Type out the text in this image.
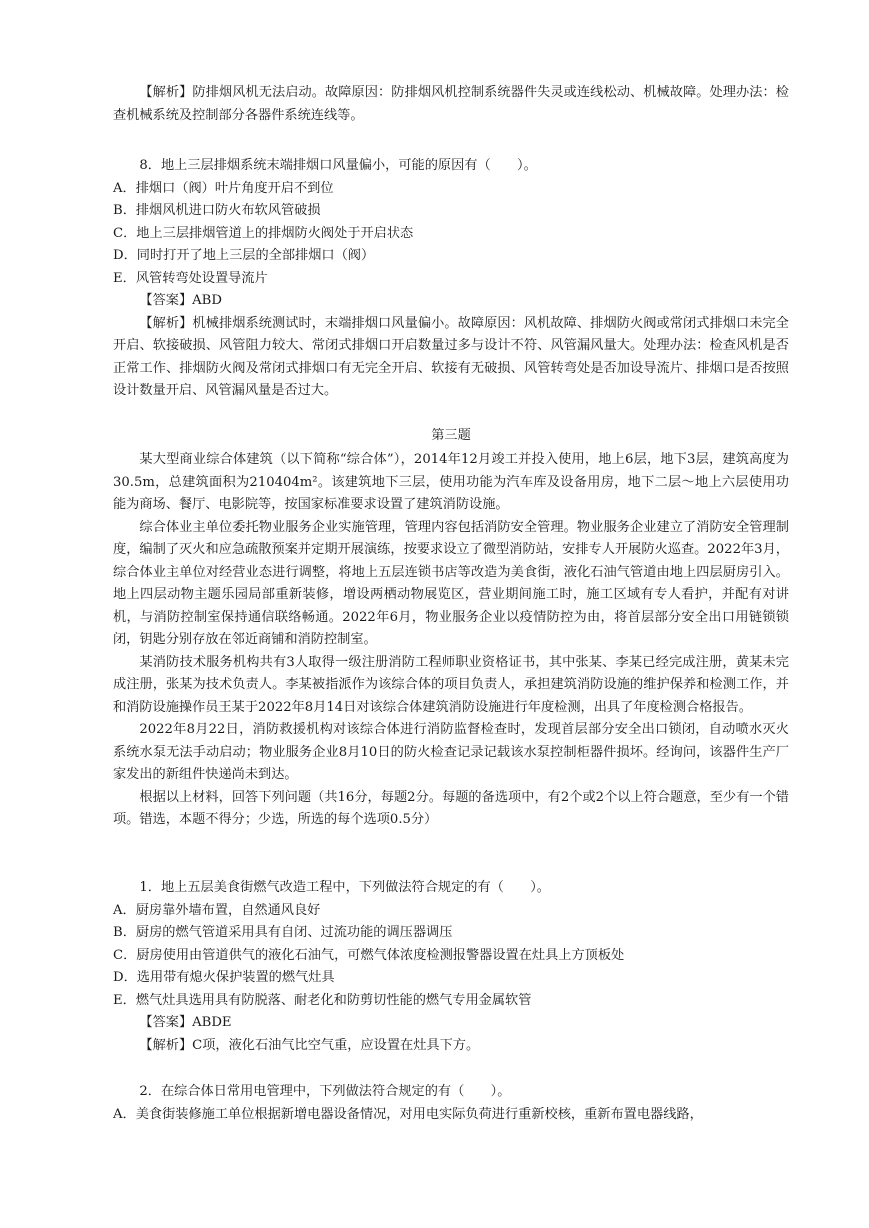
【解析】防排烟风机无法启动。故障原因：防排烟风机控制系统器件失灵或连线松动、机械故障。处理办法：检查机械系统及控制部分各器件系统连线等。

8．地上三层排烟系统末端排烟口风量偏小，可能的原因有（　　）。

A．排烟口（阀）叶片角度开启不到位

B．排烟风机进口防火布软风管破损

C．地上三层排烟管道上的排烟防火阀处于开启状态

D．同时打开了地上三层的全部排烟口（阀）

E．风管转弯处设置导流片

【答案】ABD

【解析】机械排烟系统测试时，末端排烟口风量偏小。故障原因：风机故障、排烟防火阀或常闭式排烟口未完全开启、软接破损、风管阻力较大、常闭式排烟口开启数量过多与设计不符、风管漏风量大。处理办法：检查风机是否正常工作、排烟防火阀及常闭式排烟口有无完全开启、软接有无破损、风管转弯处是否加设导流片、排烟口是否按照设计数量开启、风管漏风量是否过大。

第三题

某大型商业综合体建筑（以下简称“综合体”），2014年12月竣工并投入使用，地上6层，地下3层，建筑高度为30.5m，总建筑面积为210404m²。该建筑地下三层，使用功能为汽车库及设备用房，地下二层～地上六层使用功能为商场、餐厅、电影院等，按国家标准要求设置了建筑消防设施。

综合体业主单位委托物业服务企业实施管理，管理内容包括消防安全管理。物业服务企业建立了消防安全管理制度，编制了灭火和应急疏散预案并定期开展演练，按要求设立了微型消防站，安排专人开展防火巡查。2022年3月，综合体业主单位对经营业态进行调整，将地上五层连锁书店等改造为美食街，液化石油气管道由地上四层厨房引入。地上四层动物主题乐园局部重新装修，增设两栖动物展览区，营业期间施工时，施工区域有专人看护，并配有对讲机，与消防控制室保持通信联络畅通。2022年6月，物业服务企业以疫情防控为由，将首层部分安全出口用链锁锁闭，钥匙分别存放在邻近商铺和消防控制室。

某消防技术服务机构共有3人取得一级注册消防工程师职业资格证书，其中张某、李某已经完成注册，黄某未完成注册，张某为技术负责人。李某被指派作为该综合体的项目负责人，承担建筑消防设施的维护保养和检测工作，并和消防设施操作员王某于2022年8月14日对该综合体建筑消防设施进行年度检测，出具了年度检测合格报告。

2022年8月22日，消防救援机构对该综合体进行消防监督检查时，发现首层部分安全出口锁闭，自动喷水灭火系统水泵无法手动启动；物业服务企业8月10日的防火检查记录记载该水泵控制柜器件损坏。经询问，该器件生产厂家发出的新组件快递尚未到达。

根据以上材料，回答下列问题（共16分，每题2分。每题的备选项中，有2个或2个以上符合题意，至少有一个错项。错选，本题不得分；少选，所选的每个选项0.5分）

1．地上五层美食街燃气改造工程中，下列做法符合规定的有（　　）。

A．厨房靠外墙布置，自然通风良好

B．厨房的燃气管道采用具有自闭、过流功能的调压器调压

C．厨房使用由管道供气的液化石油气，可燃气体浓度检测报警器设置在灶具上方顶板处

D．选用带有熄火保护装置的燃气灶具

E．燃气灶具选用具有防脱落、耐老化和防剪切性能的燃气专用金属软管

【答案】ABDE

【解析】C项，液化石油气比空气重，应设置在灶具下方。

2．在综合体日常用电管理中，下列做法符合规定的有（　　）。

A．美食街装修施工单位根据新增电器设备情况，对用电实际负荷进行重新校核，重新布置电器线路，
